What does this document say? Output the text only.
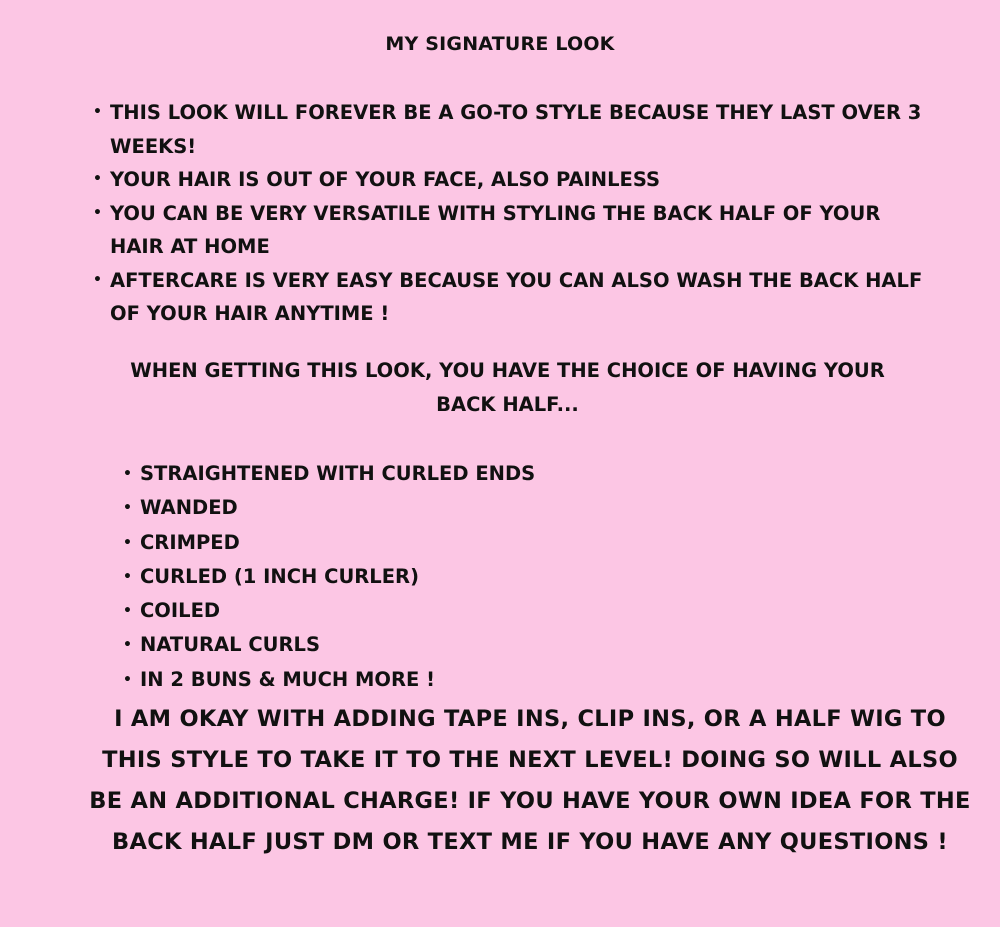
MY SIGNATURE LOOK
• THIS LOOK WILL FOREVER BE A GO-TO STYLE BECAUSE THEY LAST OVER 3 WEEKS!
• YOUR HAIR IS OUT OF YOUR FACE, ALSO PAINLESS
• YOU CAN BE VERY VERSATILE WITH STYLING THE BACK HALF OF YOUR HAIR AT HOME
• AFTERCARE IS VERY EASY BECAUSE YOU CAN ALSO WASH THE BACK HALF OF YOUR HAIR ANYTIME !
WHEN GETTING THIS LOOK, YOU HAVE THE CHOICE OF HAVING YOUR BACK HALF...
• STRAIGHTENED WITH CURLED ENDS
• WANDED
• CRIMPED
• CURLED (1 INCH CURLER)
• COILED
• NATURAL CURLS
• IN 2 BUNS & MUCH MORE !
I AM OKAY WITH ADDING TAPE INS, CLIP INS, OR A HALF WIG TO THIS STYLE TO TAKE IT TO THE NEXT LEVEL! DOING SO WILL ALSO BE AN ADDITIONAL CHARGE! IF YOU HAVE YOUR OWN IDEA FOR THE BACK HALF JUST DM OR TEXT ME IF YOU HAVE ANY QUESTIONS !
